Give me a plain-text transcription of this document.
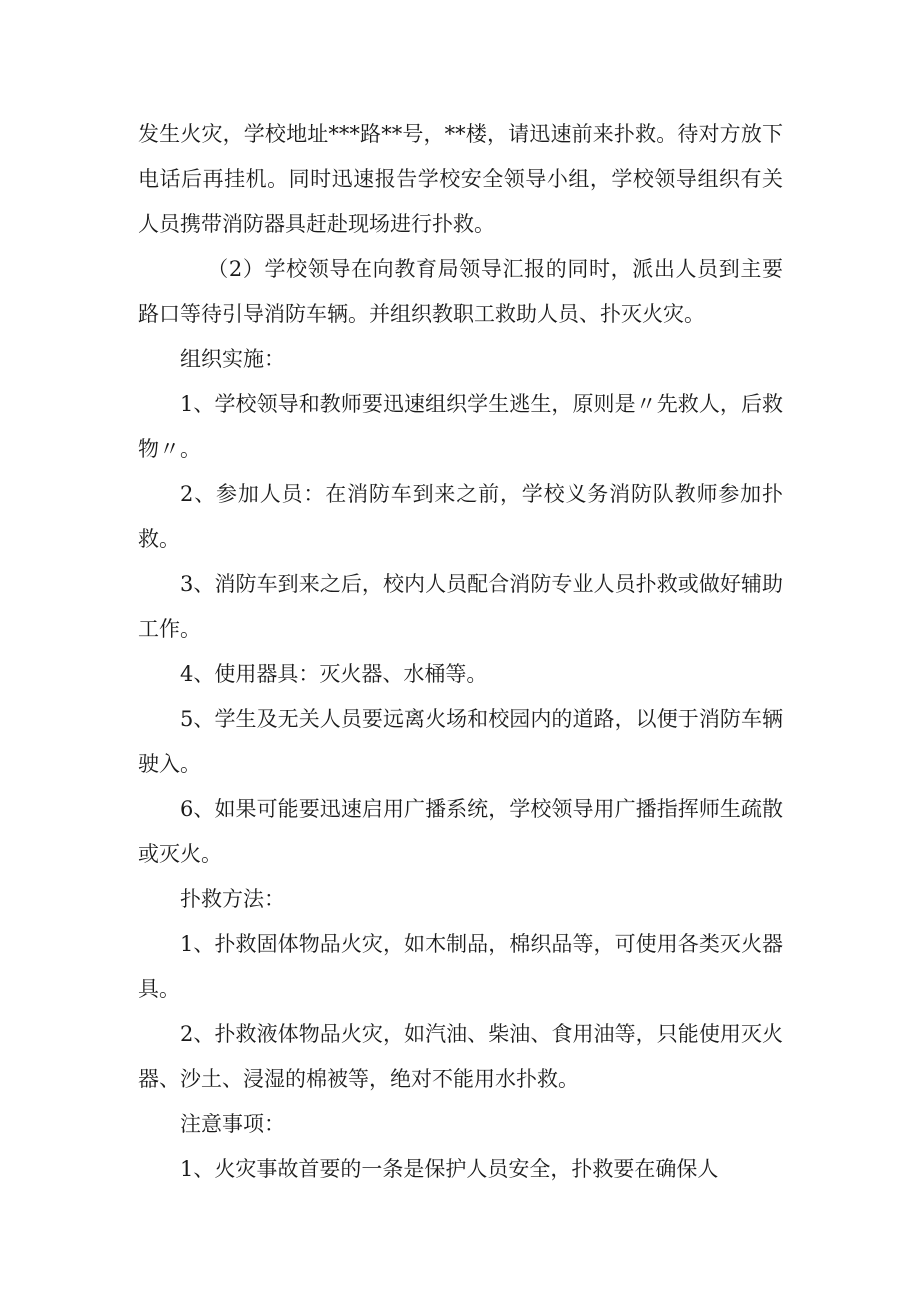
发生火灾，学校地址***路**号，**楼，请迅速前来扑救。待对方放下电话后再挂机。同时迅速报告学校安全领导小组，学校领导组织有关人员携带消防器具赶赴现场进行扑救。

（2）学校领导在向教育局领导汇报的同时，派出人员到主要路口等待引导消防车辆。并组织教职工救助人员、扑灭火灾。

组织实施：

1、学校领导和教师要迅速组织学生逃生，原则是〃先救人，后救物〃。

2、参加人员：在消防车到来之前，学校义务消防队教师参加扑救。

3、消防车到来之后，校内人员配合消防专业人员扑救或做好辅助工作。

4、使用器具：灭火器、水桶等。

5、学生及无关人员要远离火场和校园内的道路，以便于消防车辆驶入。

6、如果可能要迅速启用广播系统，学校领导用广播指挥师生疏散或灭火。

扑救方法：

1、扑救固体物品火灾，如木制品，棉织品等，可使用各类灭火器具。

2、扑救液体物品火灾，如汽油、柴油、食用油等，只能使用灭火器、沙土、浸湿的棉被等，绝对不能用水扑救。

注意事项：

1、火灾事故首要的一条是保护人员安全，扑救要在确保人
